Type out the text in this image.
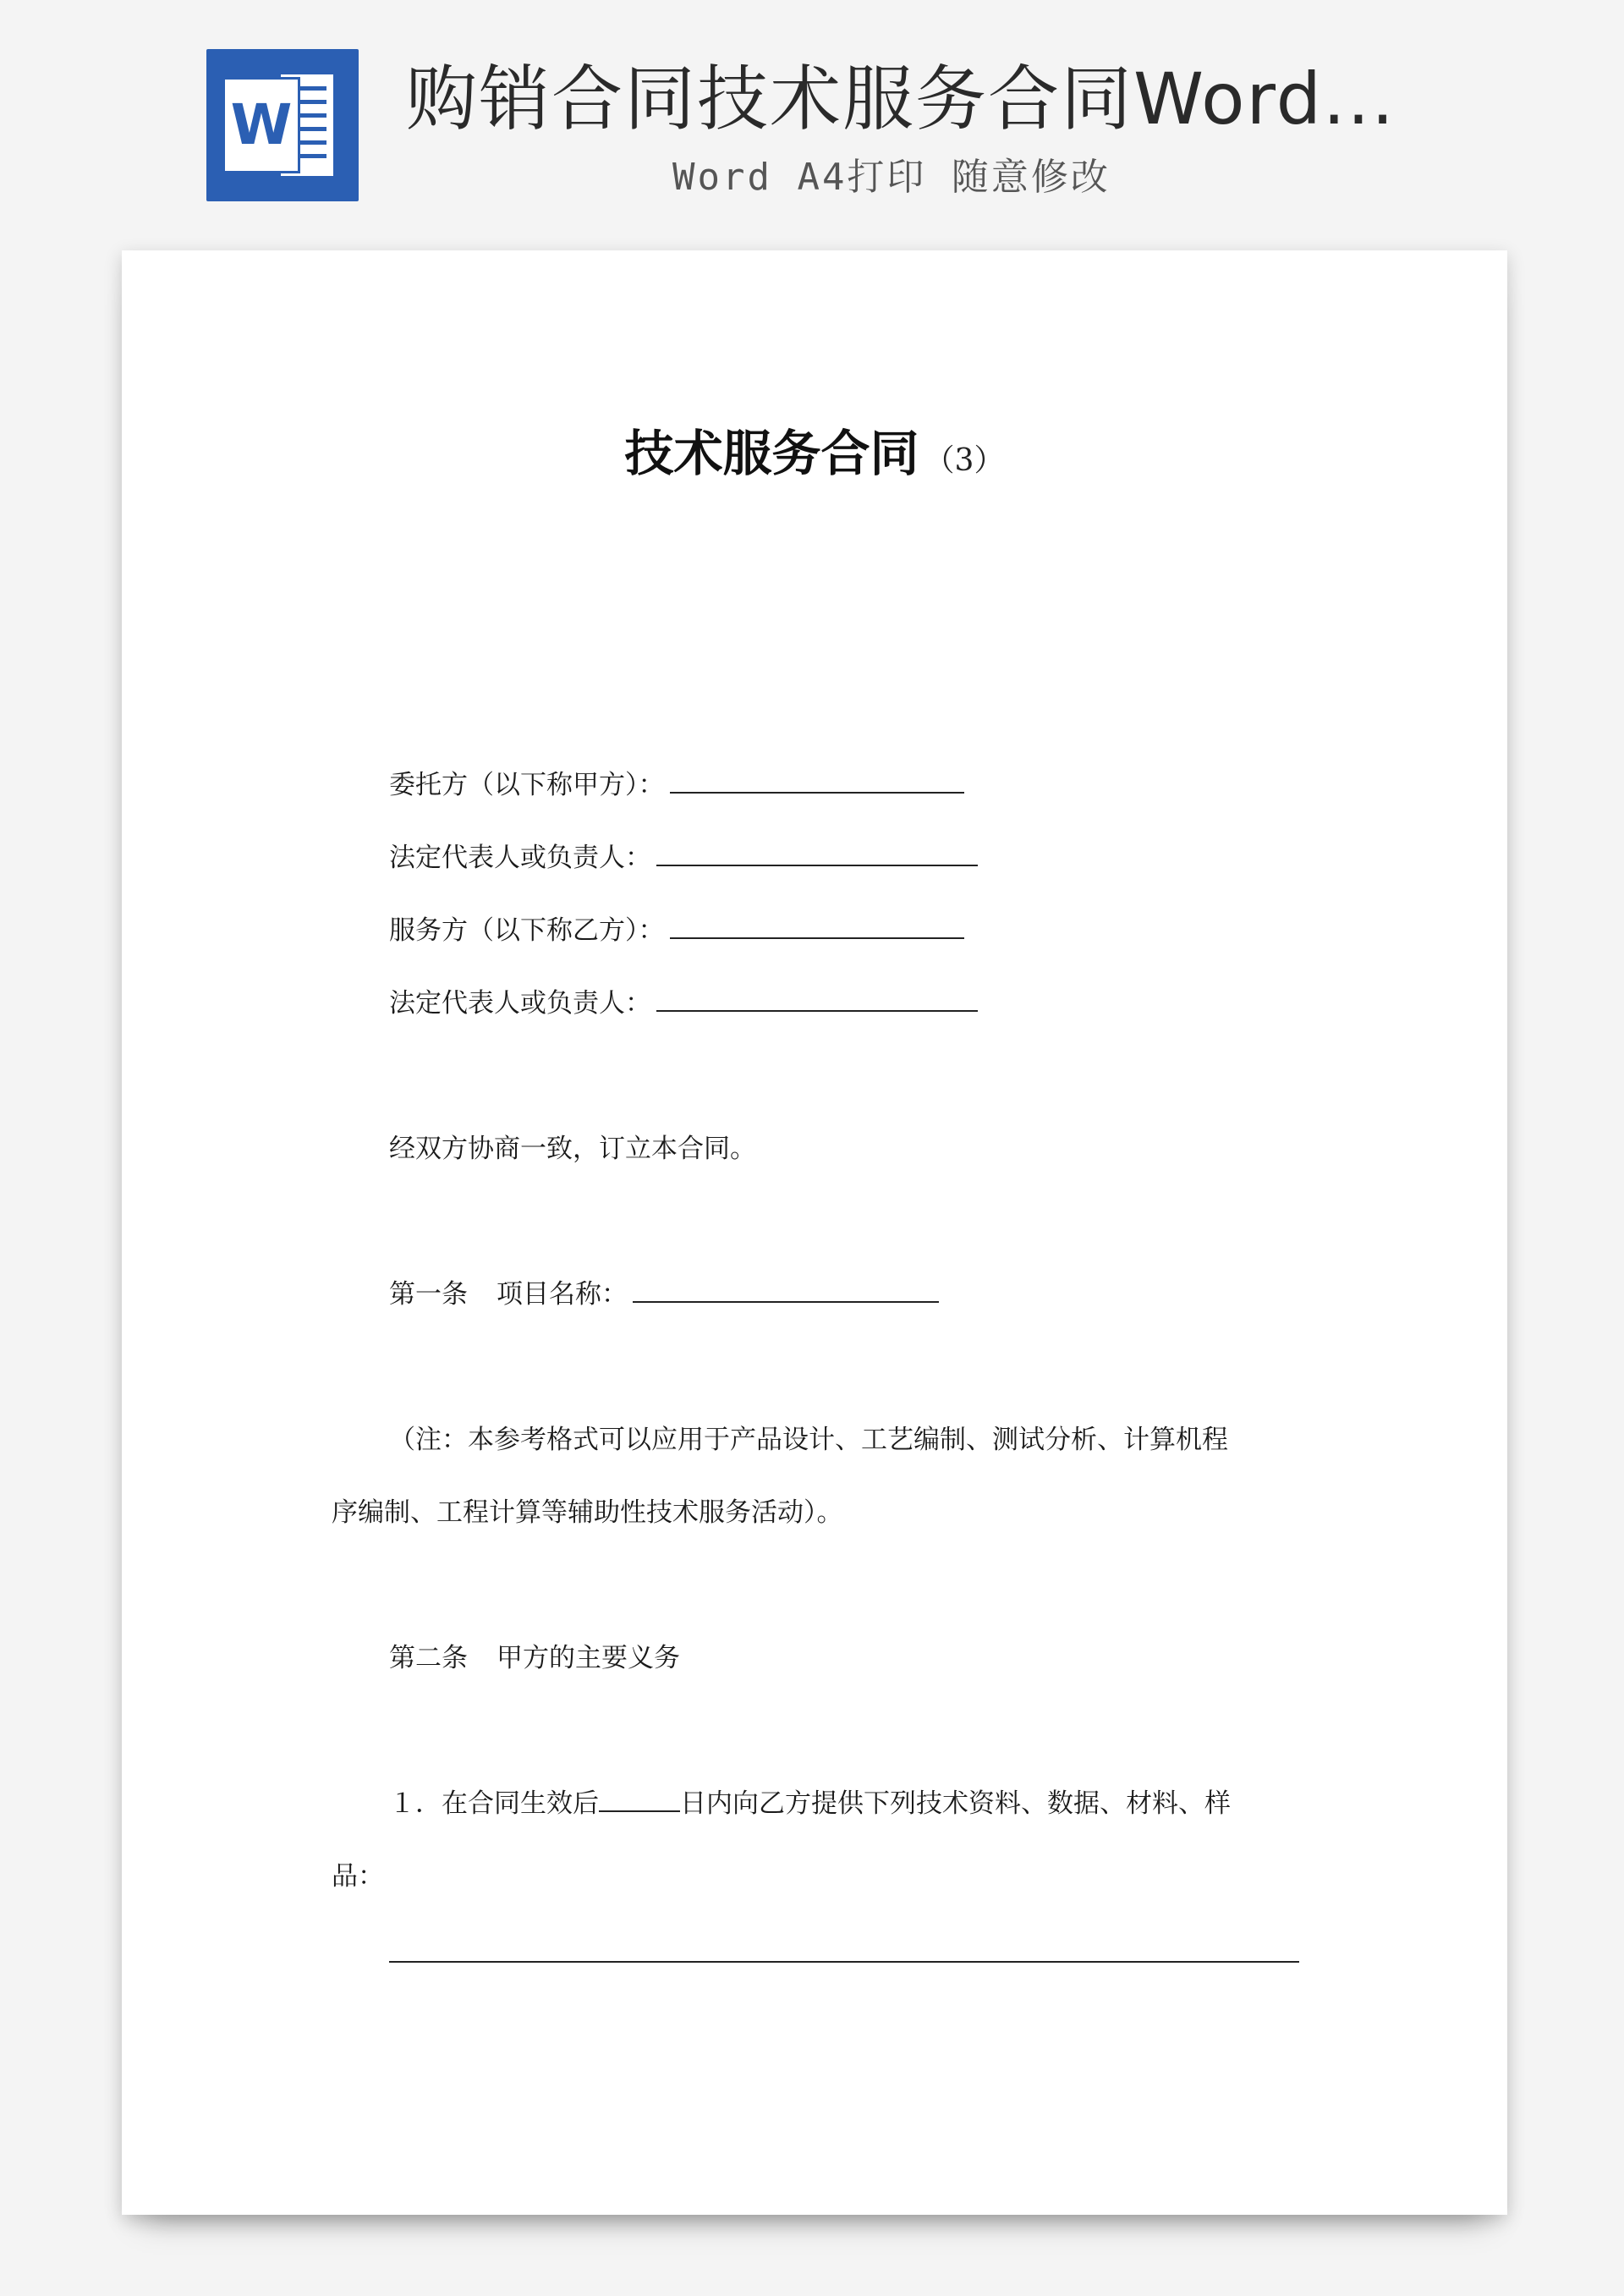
W 购销合同技术服务合同Word...
Word A4打印 随意修改
技术服务合同 （3）
委托方（以下称甲方）：
法定代表人或负责人：
服务方（以下称乙方）：
法定代表人或负责人：
经双方协商一致，订立本合同。
第一条 项目名称：
（注：本参考格式可以应用于产品设计、工艺编制、测试分析、计算机程
序编制、工程计算等辅助性技术服务活动）。
第二条 甲方的主要义务
１．在合同生效后	日内向乙方提供下列技术资料、数据、材料、样
品：
